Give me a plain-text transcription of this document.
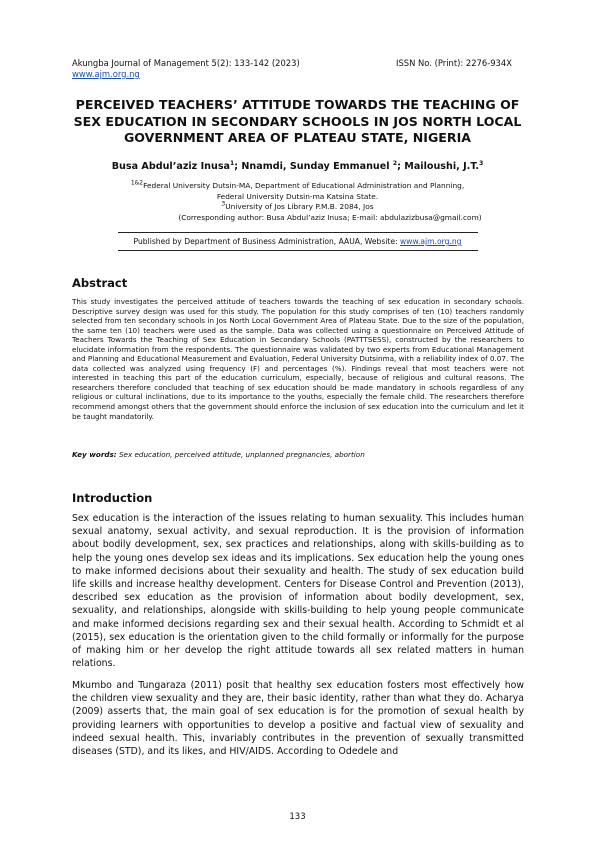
Akungba Journal of Management 5(2): 133-142 (2023)	ISSN No. (Print): 2276-934X
www.ajm.org.ng
PERCEIVED TEACHERS’ ATTITUDE TOWARDS THE TEACHING OF SEX EDUCATION IN SECONDARY SCHOOLS IN JOS NORTH LOCAL GOVERNMENT AREA OF PLATEAU STATE, NIGERIA
Busa Abdul’aziz Inusa$^1$; Nnamdi, Sunday Emmanuel $^2$; Mailoushi, J.T.$^3$
$^{1\&2}$Federal University Dutsin-MA, Department of Educational Administration and Planning,
Federal University Dutsin-ma Katsina State.
$^3$University of Jos Library P.M.B. 2084, Jos
(Corresponding author: Busa Abdul’aziz Inusa; E-mail: abdulazizbusa@gmail.com)
Published by Department of Business Administration, AAUA, Website: www.ajm.org.ng
Abstract
This study investigates the perceived attitude of teachers towards the teaching of sex education in secondary schools. Descriptive survey design was used for this study. The population for this study comprises of ten (10) teachers randomly selected from ten secondary schools in Jos North Local Government Area of Plateau State. Due to the size of the population, the same ten (10) teachers were used as the sample. Data was collected using a questionnaire on Perceived Attitude of Teachers Towards the Teaching of Sex Education in Secondary Schools (PATTTSESS), constructed by the researchers to elucidate information from the respondents. The questionnaire was validated by two experts from Educational Management and Planning and Educational Measurement and Evaluation, Federal University Dutsinma, with a reliability index of 0.07. The data collected was analyzed using frequency (F) and percentages (%). Findings reveal that most teachers were not interested in teaching this part of the education curriculum, especially, because of religious and cultural reasons. The researchers therefore concluded that teaching of sex education should be made mandatory in schools regardless of any religious or cultural inclinations, due to its importance to the youths, especially the female child. The researchers therefore recommend amongst others that the government should enforce the inclusion of sex education into the curriculum and let it be taught mandatorily.
Key words: Sex education, perceived attitude, unplanned pregnancies, abortion
Introduction
Sex education is the interaction of the issues relating to human sexuality. This includes human sexual anatomy, sexual activity, and sexual reproduction. It is the provision of information about bodily development, sex, sex practices and relationships, along with skills-building as to help the young ones develop sex ideas and its implications. Sex education help the young ones to make informed decisions about their sexuality and health. The study of sex education build life skills and increase healthy development. Centers for Disease Control and Prevention (2013), described sex education as the provision of information about bodily development, sex, sexuality, and relationships, alongside with skills-building to help young people communicate and make informed decisions regarding sex and their sexual health. According to Schmidt et al (2015), sex education is the orientation given to the child formally or informally for the purpose of making him or her develop the right attitude towards all sex related matters in human relations.
Mkumbo and Tungaraza (2011) posit that healthy sex education fosters most effectively how the children view sexuality and they are, their basic identity, rather than what they do. Acharya (2009) asserts that, the main goal of sex education is for the promotion of sexual health by providing learners with opportunities to develop a positive and factual view of sexuality and indeed sexual health. This, invariably contributes in the prevention of sexually transmitted diseases (STD), and its likes, and HIV/AIDS. According to Odedele and
133
